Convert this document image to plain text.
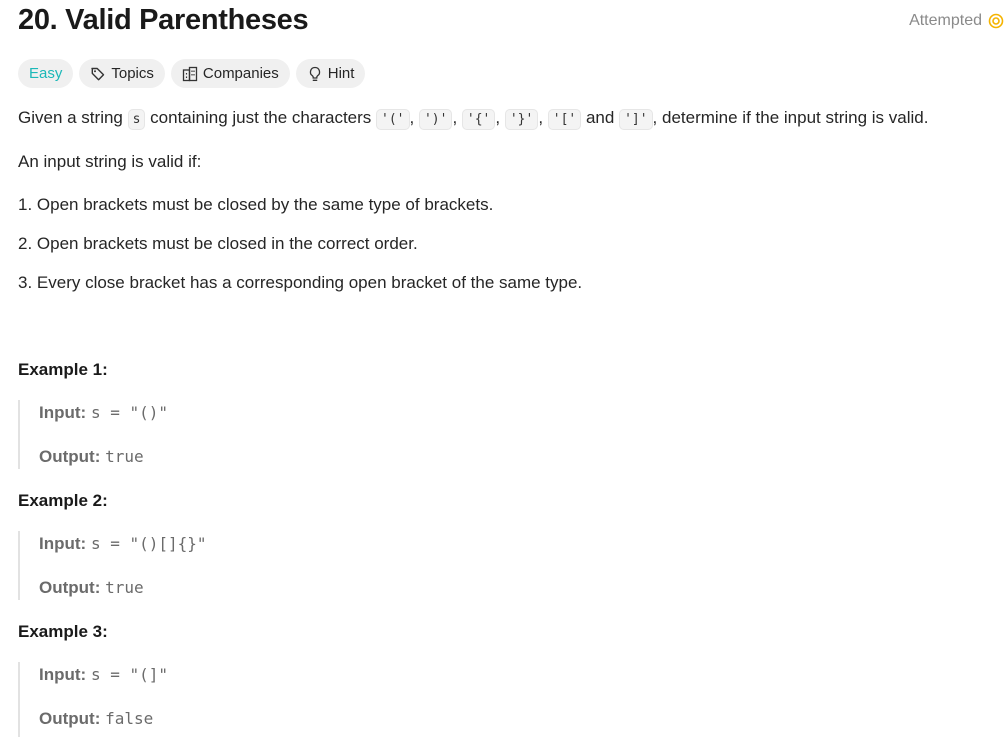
20. Valid Parentheses	Attempted
Easy	Topics	Companies	Hint

Given a string s containing just the characters '(' , ')' , '{' , '}' , '[' and ']' , determine if the input string is valid.

An input string is valid if:

1. Open brackets must be closed by the same type of brackets.

2. Open brackets must be closed in the correct order.

3. Every close bracket has a corresponding open bracket of the same type.

Example 1:

Input: s = "()"
Output: true

Example 2:

Input: s = "()[]{}"
Output: true

Example 3:

Input: s = "(]"
Output: false
